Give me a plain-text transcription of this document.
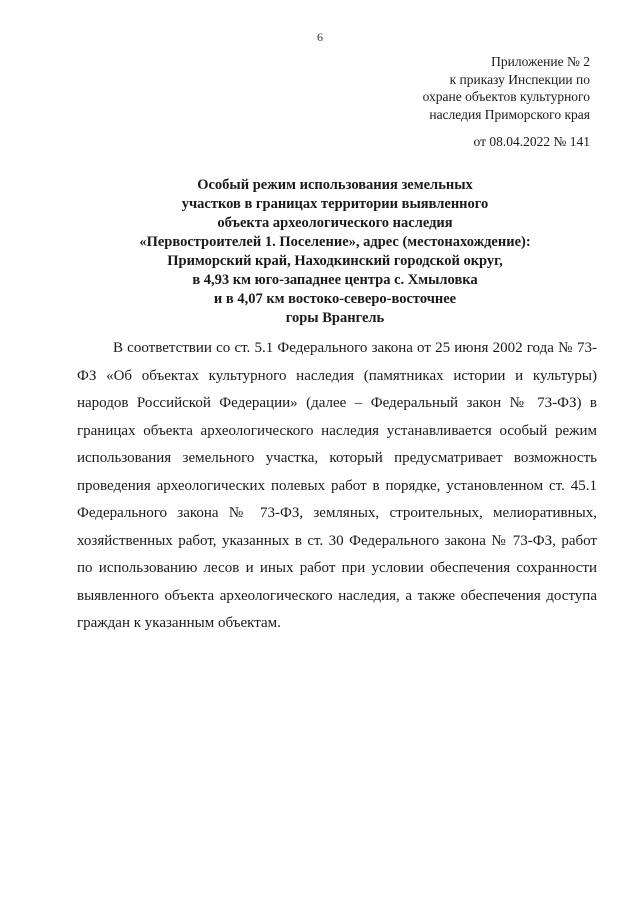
6
Приложение № 2
к приказу Инспекции по
охране объектов культурного
наследия Приморского края
от 08.04.2022 № 141
Особый режим использования земельных
участков в границах территории выявленного
объекта археологического наследия
«Первостроителей 1. Поселение», адрес (местонахождение):
Приморский край, Находкинский городской округ,
в 4,93 км юго-западнее центра с. Хмыловка
и в 4,07 км востоко-северо-восточнее
горы Врангель
В соответствии со ст. 5.1 Федерального закона от 25 июня 2002 года № 73-
ФЗ «Об объектах культурного наследия (памятниках истории и культуры)
народов Российской Федерации» (далее – Федеральный закон № 73-ФЗ) в
границах объекта археологического наследия устанавливается особый режим
использования земельного участка, который предусматривает возможность
проведения археологических полевых работ в порядке, установленном ст. 45.1
Федерального закона № 73-ФЗ, земляных, строительных, мелиоративных,
хозяйственных работ, указанных в ст. 30 Федерального закона № 73-ФЗ, работ
по использованию лесов и иных работ при условии обеспечения сохранности
выявленного объекта археологического наследия, а также обеспечения доступа
граждан к указанным объектам.
